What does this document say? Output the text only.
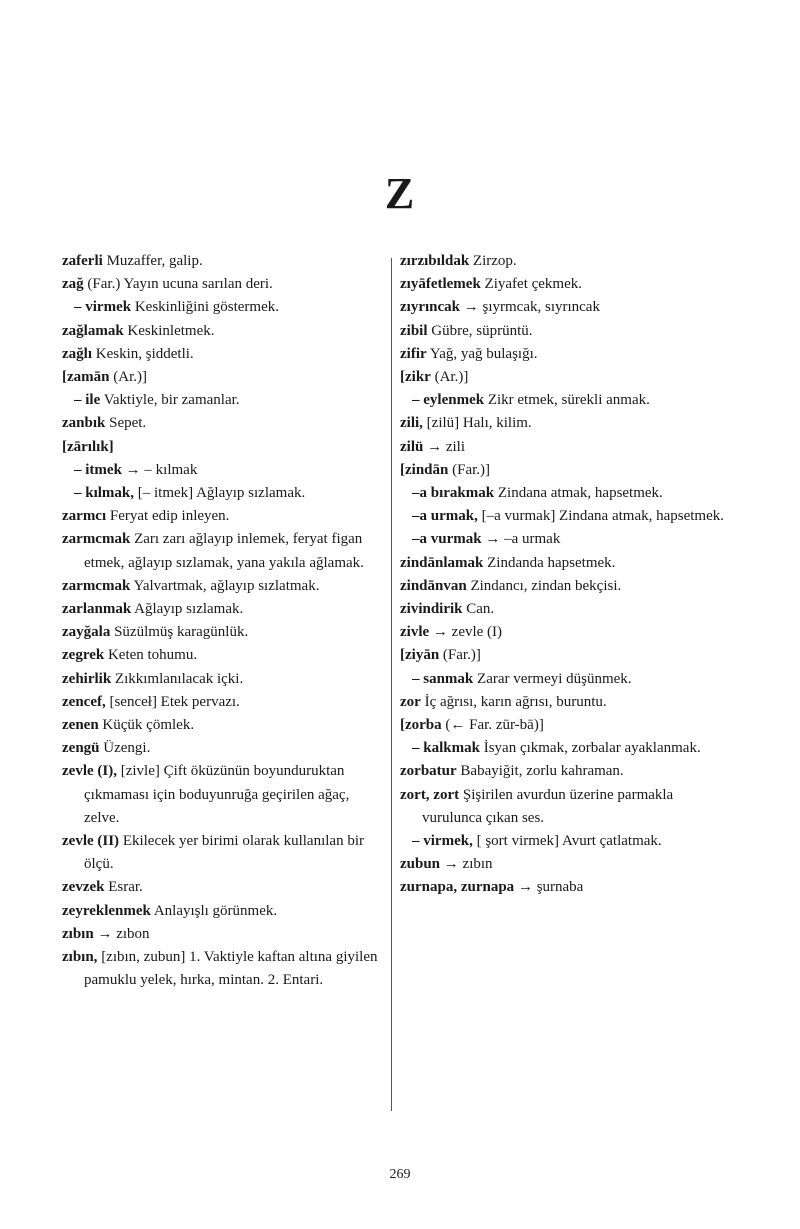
Z
zaferli Muzaffer, galip.
zağ (Far.) Yayın ucuna sarılan deri.
– virmek Keskinliğini göstermek.
zağlamak Keskinletmek.
zağlı Keskin, şiddetli.
[zamān (Ar.)]
– ile Vaktiyle, bir zamanlar.
zanbık Sepet.
[zārılık]
– itmek → – kılmak
– kılmak, [– itmek] Ağlayıp sızlamak.
zarmcı Feryat edip inleyen.
zarmcmak Zarı zarı ağlayıp inlemek, feryat figan etmek, ağlayıp sızlamak, yana yakıla ağlamak.
zarmcmak Yalvartmak, ağlayıp sızlatmak.
zarlanmak Ağlayıp sızlamak.
zayğala Süzülmüş karagünlük.
zegrek Keten tohumu.
zehirlik Zıkkımlanılacak içki.
zencef, [senceł] Etek pervazı.
zenen Küçük çömlek.
zengü Üzengi.
zevle (I), [zivle] Çift öküzünün boyunduruktan çıkmaması için boduyunruğa geçirilen ağaç, zelve.
zevle (II) Ekilecek yer birimi olarak kullanılan bir ölçü.
zevzek Esrar.
zeyreklenmek Anlayışlı görünmek.
zıbın → zıbon
zıbın, [zıbın, zubun] 1. Vaktiyle kaftan altına giyilen pamuklu yelek, hırka, mintan. 2. Entari.
zırzıbıldak Zirzop.
zıyāfetlemek Ziyafet çekmek.
zıyrıncak → şıyrmcak, sıyrıncak
zibil Gübre, süprüntü.
zifir Yağ, yağ bulaşığı.
[zikr (Ar.)]
– eylenmek Zikr etmek, sürekli anmak.
zili, [zilü] Halı, kilim.
zilü → zili
[zindān (Far.)]
–a bırakmak Zindana atmak, hapsetmek.
–a urmak, [–a vurmak] Zindana atmak, hapsetmek.
–a vurmak → –a urmak
zindānlamak Zindanda hapsetmek.
zindānvan Zindancı, zindan bekçisi.
zivindirik Can.
zivle → zevle (I)
[ziyān (Far.)]
– sanmak Zarar vermeyi düşünmek.
zor İç ağrısı, karın ağrısı, buruntu.
[zorba (← Far. zūr-bā)]
– kalkmak İsyan çıkmak, zorbalar ayaklanmak.
zorbatur Babayiğit, zorlu kahraman.
zort, zort Şişirilen avurdun üzerine parmakla vurulunca çıkan ses.
– virmek, [ şort virmek] Avurt çatlatmak.
zubun → zıbın
zurnapa, zurnapa → şurnaba
269
